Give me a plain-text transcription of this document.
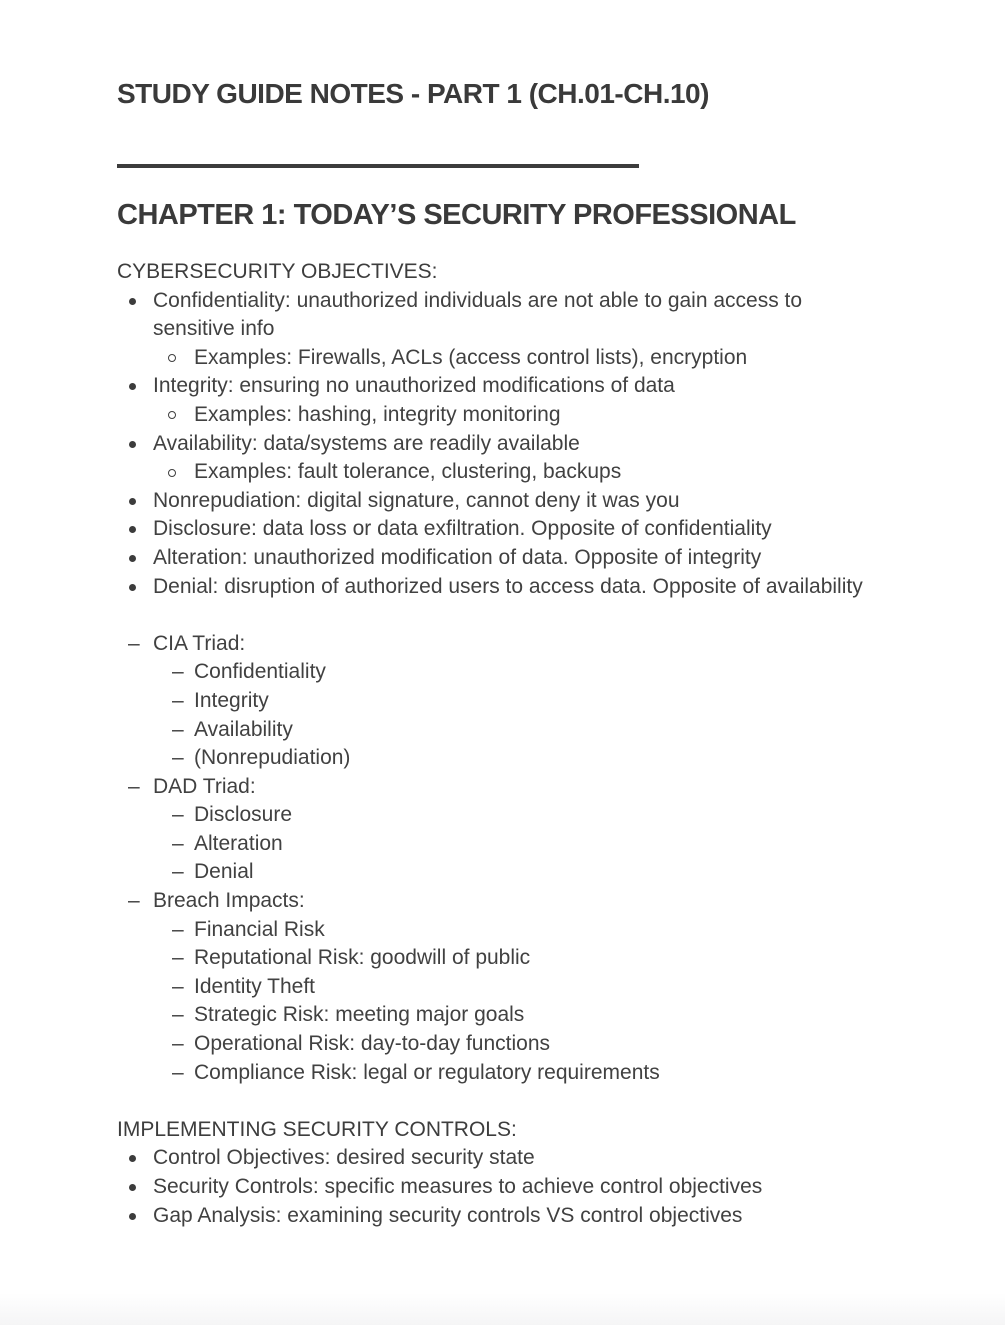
STUDY GUIDE NOTES - PART 1 (CH.01-CH.10)
CHAPTER 1: TODAY’S SECURITY PROFESSIONAL

CYBERSECURITY OBJECTIVES:

Confidentiality: unauthorized individuals are not able to gain access to sensitive info
Examples: Firewalls, ACLs (access control lists), encryption
Integrity: ensuring no unauthorized modifications of data
Examples: hashing, integrity monitoring
Availability: data/systems are readily available
Examples: fault tolerance, clustering, backups
Nonrepudiation: digital signature, cannot deny it was you
Disclosure: data loss or data exfiltration. Opposite of confidentiality
Alteration: unauthorized modification of data. Opposite of integrity
Denial: disruption of authorized users to access data. Opposite of availability
–
CIA Triad:
–
Confidentiality
–
Integrity
–
Availability
–
(Nonrepudiation)
–
DAD Triad:
–
Disclosure
–
Alteration
–
Denial
–
Breach Impacts:
–
Financial Risk
–
Reputational Risk: goodwill of public
–
Identity Theft
–
Strategic Risk: meeting major goals
–
Operational Risk: day-to-day functions
–
Compliance Risk: legal or regulatory requirements

IMPLEMENTING SECURITY CONTROLS:

Control Objectives: desired security state
Security Controls: specific measures to achieve control objectives
Gap Analysis: examining security controls VS control objectives
